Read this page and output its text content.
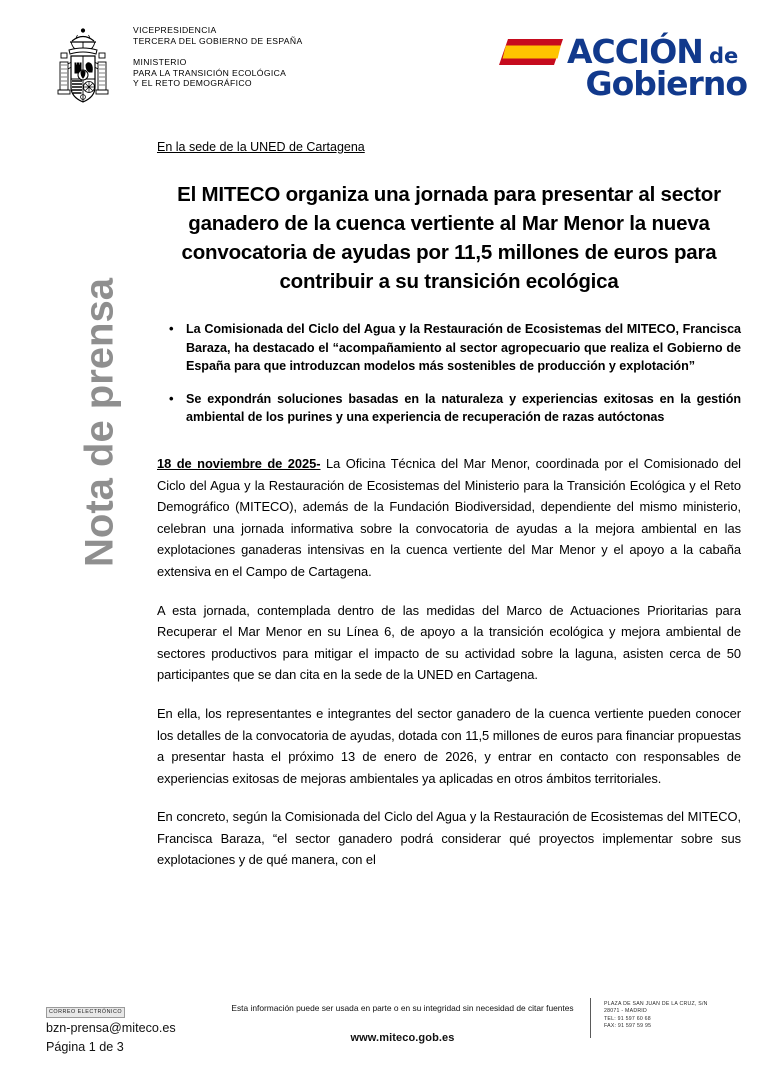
VICEPRESIDENCIA
TERCERA DEL GOBIERNO DE ESPAÑA
MINISTERIO
PARA LA TRANSICIÓN ECOLÓGICA
Y EL RETO DEMOGRÁFICO
ACCIÓN de
Gobierno
Nota de prensa
En la sede de la UNED de Cartagena
El MITECO organiza una jornada para presentar al sector ganadero de la cuenca vertiente al Mar Menor la nueva convocatoria de ayudas por 11,5 millones de euros para contribuir a su transición ecológica
• La Comisionada del Ciclo del Agua y la Restauración de Ecosistemas del MITECO, Francisca Baraza, ha destacado el “acompañamiento al sector agropecuario que realiza el Gobierno de España para que introduzcan modelos más sostenibles de producción y explotación”
• Se expondrán soluciones basadas en la naturaleza y experiencias exitosas en la gestión ambiental de los purines y una experiencia de recuperación de razas autóctonas

18 de noviembre de 2025- La Oficina Técnica del Mar Menor, coordinada por el Comisionado del Ciclo del Agua y la Restauración de Ecosistemas del Ministerio para la Transición Ecológica y el Reto Demográfico (MITECO), además de la Fundación Biodiversidad, dependiente del mismo ministerio, celebran una jornada informativa sobre la convocatoria de ayudas a la mejora ambiental en las explotaciones ganaderas intensivas en la cuenca vertiente del Mar Menor y el apoyo a la cabaña extensiva en el Campo de Cartagena.

A esta jornada, contemplada dentro de las medidas del Marco de Actuaciones Prioritarias para Recuperar el Mar Menor en su Línea 6, de apoyo a la transición ecológica y mejora ambiental de sectores productivos para mitigar el impacto de su actividad sobre la laguna, asisten cerca de 50 participantes que se dan cita en la sede de la UNED en Cartagena.

En ella, los representantes e integrantes del sector ganadero de la cuenca vertiente pueden conocer los detalles de la convocatoria de ayudas, dotada con 11,5 millones de euros para financiar propuestas a presentar hasta el próximo 13 de enero de 2026, y entrar en contacto con responsables de experiencias exitosas de mejoras ambientales ya aplicadas en otros ámbitos territoriales.

En concreto, según la Comisionada del Ciclo del Agua y la Restauración de Ecosistemas del MITECO, Francisca Baraza, “el sector ganadero podrá considerar qué proyectos implementar sobre sus explotaciones y de qué manera, con el

CORREO ELECTRÓNICO
bzn-prensa@miteco.es
Página 1 de 3
Esta información puede ser usada en parte o en su integridad sin necesidad de citar fuentes
www.miteco.gob.es
PLAZA DE SAN JUAN DE LA CRUZ, S/N
28071 - MADRID
TEL: 91 597 60 68
FAX: 91 597 59 95
